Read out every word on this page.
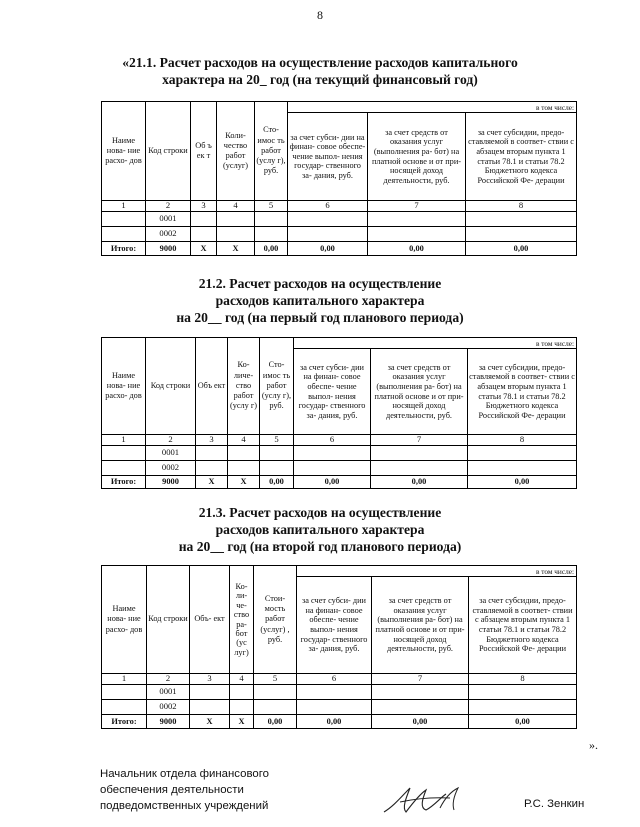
8
«21.1. Расчет расходов на осуществление расходов капитального
характера на 20_ год (на текущий финансовый год)
Наиме нова- ние расхо- дов	Код строки	Об ъ ек т	Коли- чество работ (услуг)	Сто- имос ть работ (услу г), руб.	в том числе:		
					за счет субси- дии на финан- совое обеспе- чение выпол- нения государ- ственного за- дания, руб.	за счет средств от оказания услуг (выполнения ра- бот) на платной основе и от при- носящей доход деятельности, руб.	за счет субсидии, предо- ставляемой в соответ- ствии с абзацем вторым пункта 1 статьи 78.1 и статьи 78.2 Бюджетного кодекса Российской Фе- дерации
1	2	3	4	5	6	7	8
	0001						
	0002						
Итого:	9000	X	X	0,00	0,00	0,00	0,00
21.2. Расчет расходов на осуществление
расходов капитального характера
на 20__ год (на первый год планового периода)
Наиме нова- ние расхо- дов	Код строки	Объ ект	Ко- личе- ство работ (услу г)	Сто- имос ть работ (услу г), руб.	в том числе:		
					за счет субси- дии на финан- совое обеспе- чение выпол- нения государ- ственного за- дания, руб.	за счет средств от оказания услуг (выполнения ра- бот) на платной основе и от при- носящей доход деятельности, руб.	за счет субсидии, предо- ставляемой в соответ- ствии с абзацем вторым пункта 1 статьи 78.1 и статьи 78.2 Бюджетного кодекса Российской Фе- дерации
1	2	3	4	5	6	7	8
	0001						
	0002						
Итого:	9000	X	X	0,00	0,00	0,00	0,00
21.3. Расчет расходов на осуществление
расходов капитального характера
на 20__ год (на второй год планового периода)
Наиме нова- ние расхо- дов	Код строки	Объ- ект	Ко- ли- че- ство ра- бот (ус луг)	Стои- мость работ (услуг) , руб.	в том числе:		
					за счет субси- дии на финан- совое обеспе- чение выпол- нения государ- ственного за- дания, руб.	за счет средств от оказания услуг (выполнения ра- бот) на платной основе и от при- носящей доход деятельности, руб.	за счет субсидии, предо- ставляемой в соответ- ствии с абзацем вторым пункта 1 статьи 78.1 и статьи 78.2 Бюджетного кодекса Российской Фе- дерации
1	2	3	4	5	6	7	8
	0001						
	0002						
Итого:	9000	X	X	0,00	0,00	0,00	0,00
».
Начальник отдела финансового
обеспечения деятельности
подведомственных учреждений	Р.С. Зенкин
